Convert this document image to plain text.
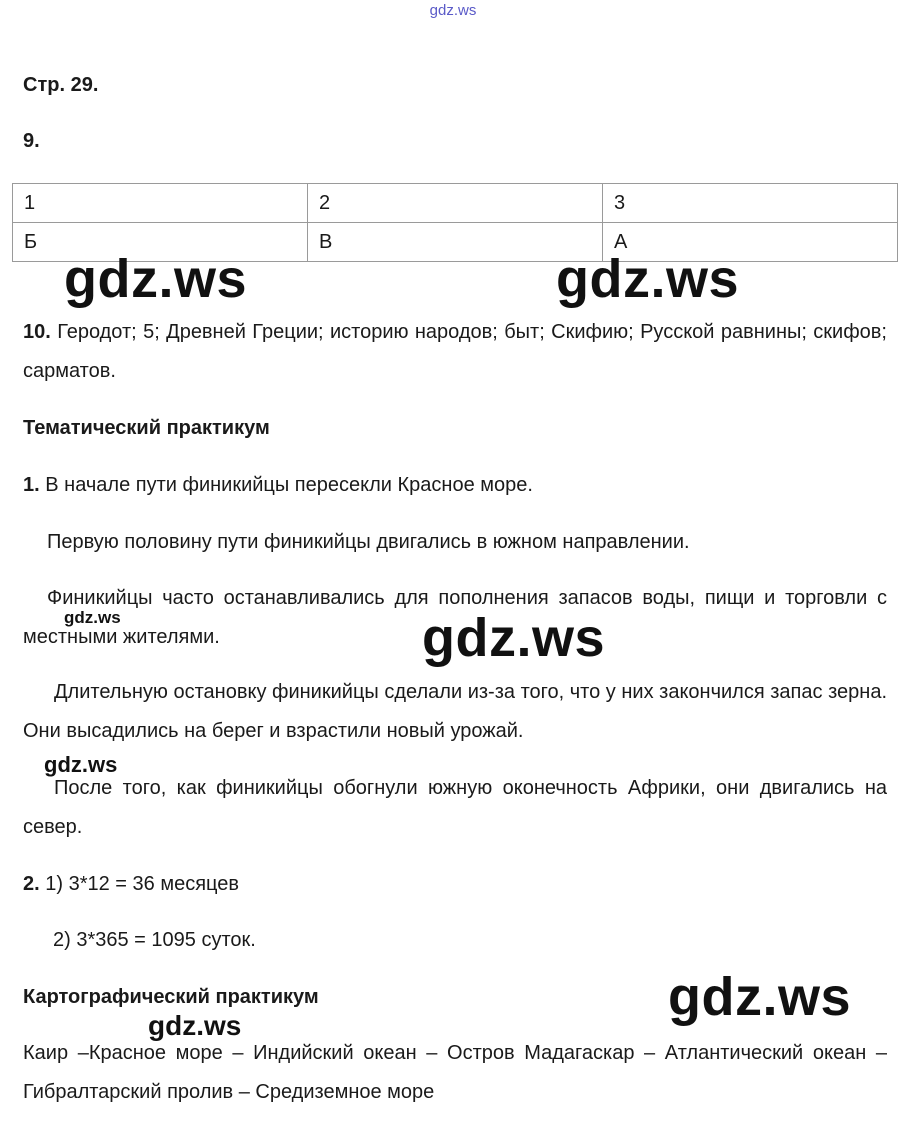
gdz.ws
Стр. 29.
9.
1	2	3
Б	В	А
10. Геродот; 5; Древней Греции; историю народов; быт; Скифию; Русской равнины; скифов; сарматов.
Тематический практикум
1. В начале пути финикийцы пересекли Красное море.
Первую половину пути финикийцы двигались в южном направлении.
Финикийцы часто останавливались для пополнения запасов воды, пищи и торговли с местными жителями.
Длительную остановку финикийцы сделали из-за того, что у них закончился запас зерна. Они высадились на берег и взрастили новый урожай.
После того, как финикийцы обогнули южную оконечность Африки, они двигались на север.
2. 1) 3*12 = 36 месяцев
2) 3*365 = 1095 суток.
Картографический практикум
Каир –Красное море – Индийский океан – Остров Мадагаскар – Атлантический океан – Гибралтарский пролив – Средиземное море
gdz.ws	gdz.ws
gdz.ws	gdz.ws
gdz.ws
gdz.ws
gdz.ws
